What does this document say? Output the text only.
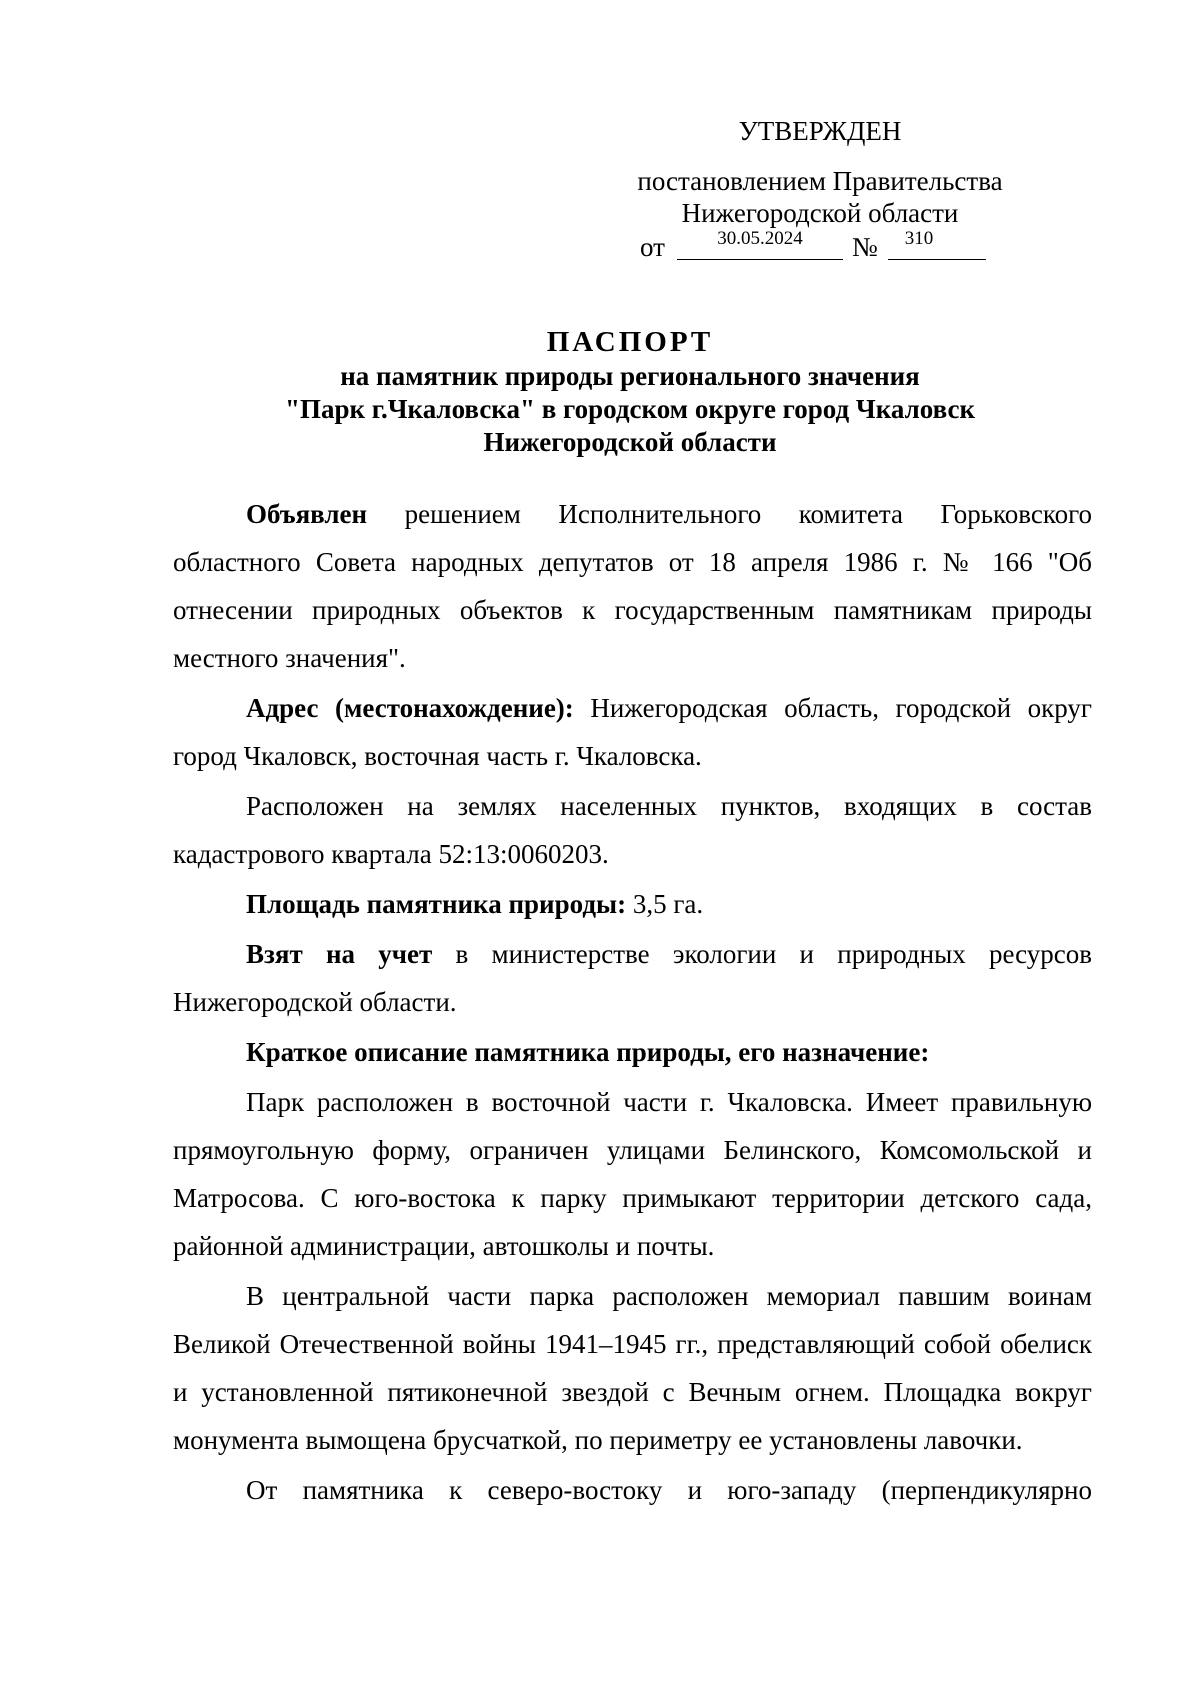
УТВЕРЖДЕН
постановлением Правительства
Нижегородской области
от	30.05.2024	№	310
ПАСПОРТ
на памятник природы регионального значения
"Парк г.Чкаловска" в городском округе город Чкаловск
Нижегородской области

Объявлен решением Исполнительного комитета Горьковского областного Совета народных депутатов от 18 апреля 1986 г. № 166 "Об отнесении природных объектов к государственным памятникам природы местного значения".

Адрес (местонахождение): Нижегородская область, городской округ город Чкаловск, восточная часть г. Чкаловска.

Расположен на землях населенных пунктов, входящих в состав кадастрового квартала 52:13:0060203.

Площадь памятника природы: 3,5 га.

Взят на учет в министерстве экологии и природных ресурсов Нижегородской области.

Краткое описание памятника природы, его назначение:

Парк расположен в восточной части г. Чкаловска. Имеет правильную прямоугольную форму, ограничен улицами Белинского, Комсомольской и Матросова. С юго-востока к парку примыкают территории детского сада, районной администрации, автошколы и почты.

В центральной части парка расположен мемориал павшим воинам Великой Отечественной войны 1941–1945 гг., представляющий собой обелиск и установленной пятиконечной звездой с Вечным огнем. Площадка вокруг монумента вымощена брусчаткой, по периметру ее установлены лавочки.

От памятника к северо-востоку и юго-западу (перпендикулярно
